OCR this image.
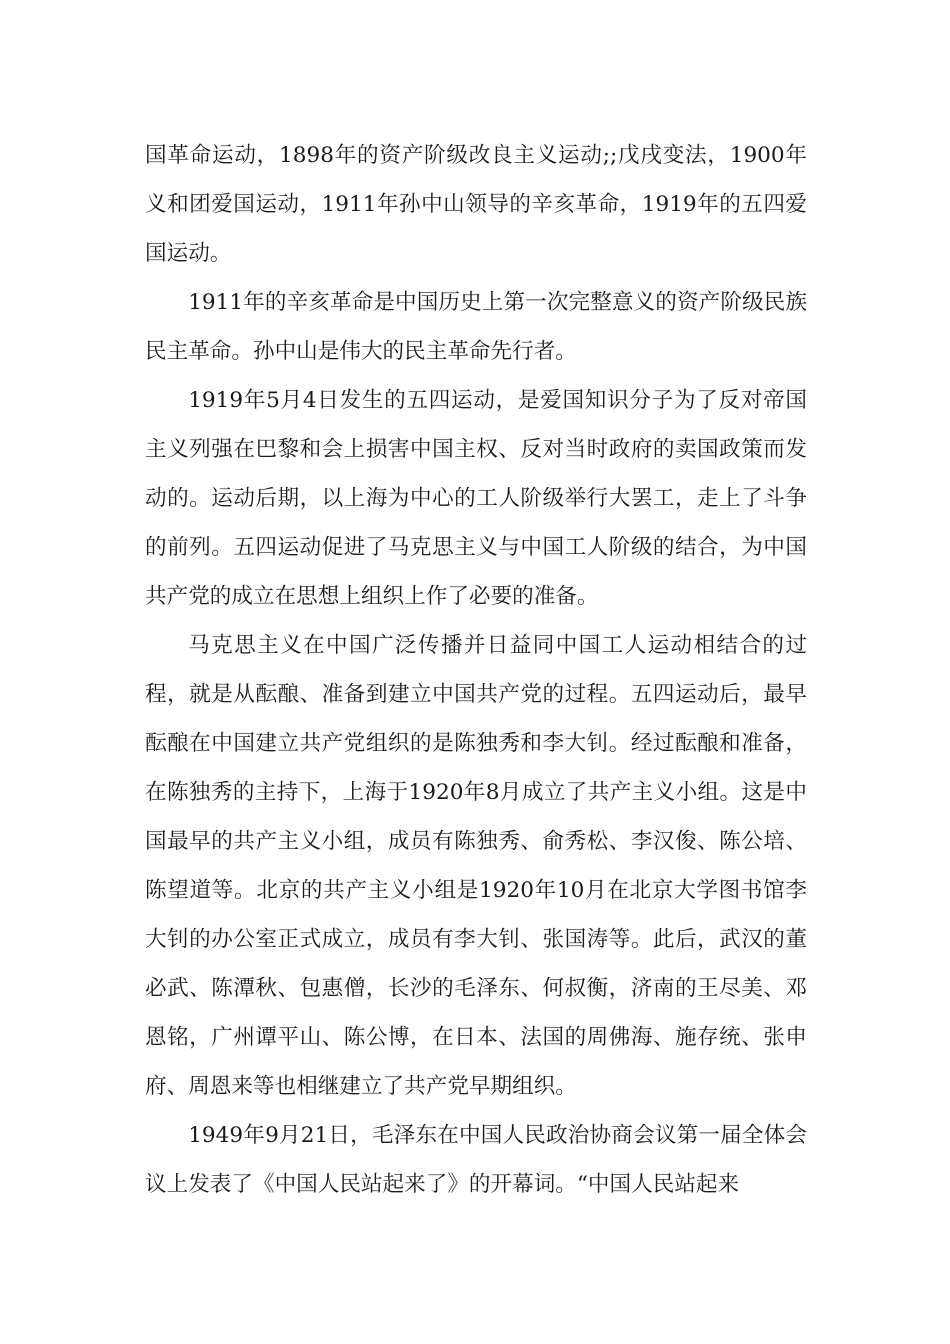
国革命运动，1898年的资产阶级改良主义运动;;戊戌变法，1900年义和团爱国运动，1911年孙中山领导的辛亥革命，1919年的五四爱国运动。

1911年的辛亥革命是中国历史上第一次完整意义的资产阶级民族民主革命。孙中山是伟大的民主革命先行者。

1919年5月4日发生的五四运动，是爱国知识分子为了反对帝国主义列强在巴黎和会上损害中国主权、反对当时政府的卖国政策而发动的。运动后期，以上海为中心的工人阶级举行大罢工，走上了斗争的前列。五四运动促进了马克思主义与中国工人阶级的结合，为中国共产党的成立在思想上组织上作了必要的准备。

马克思主义在中国广泛传播并日益同中国工人运动相结合的过程，就是从酝酿、准备到建立中国共产党的过程。五四运动后，最早酝酿在中国建立共产党组织的是陈独秀和李大钊。经过酝酿和准备，在陈独秀的主持下，上海于1920年8月成立了共产主义小组。这是中国最早的共产主义小组，成员有陈独秀、俞秀松、李汉俊、陈公培、陈望道等。北京的共产主义小组是1920年10月在北京大学图书馆李大钊的办公室正式成立，成员有李大钊、张国涛等。此后，武汉的董必武、陈潭秋、包惠僧，长沙的毛泽东、何叔衡，济南的王尽美、邓恩铭，广州谭平山、陈公博，在日本、法国的周佛海、施存统、张申府、周恩来等也相继建立了共产党早期组织。

1949年9月21日，毛泽东在中国人民政治协商会议第一届全体会议上发表了《中国人民站起来了》的开幕词。“中国人民站起来
